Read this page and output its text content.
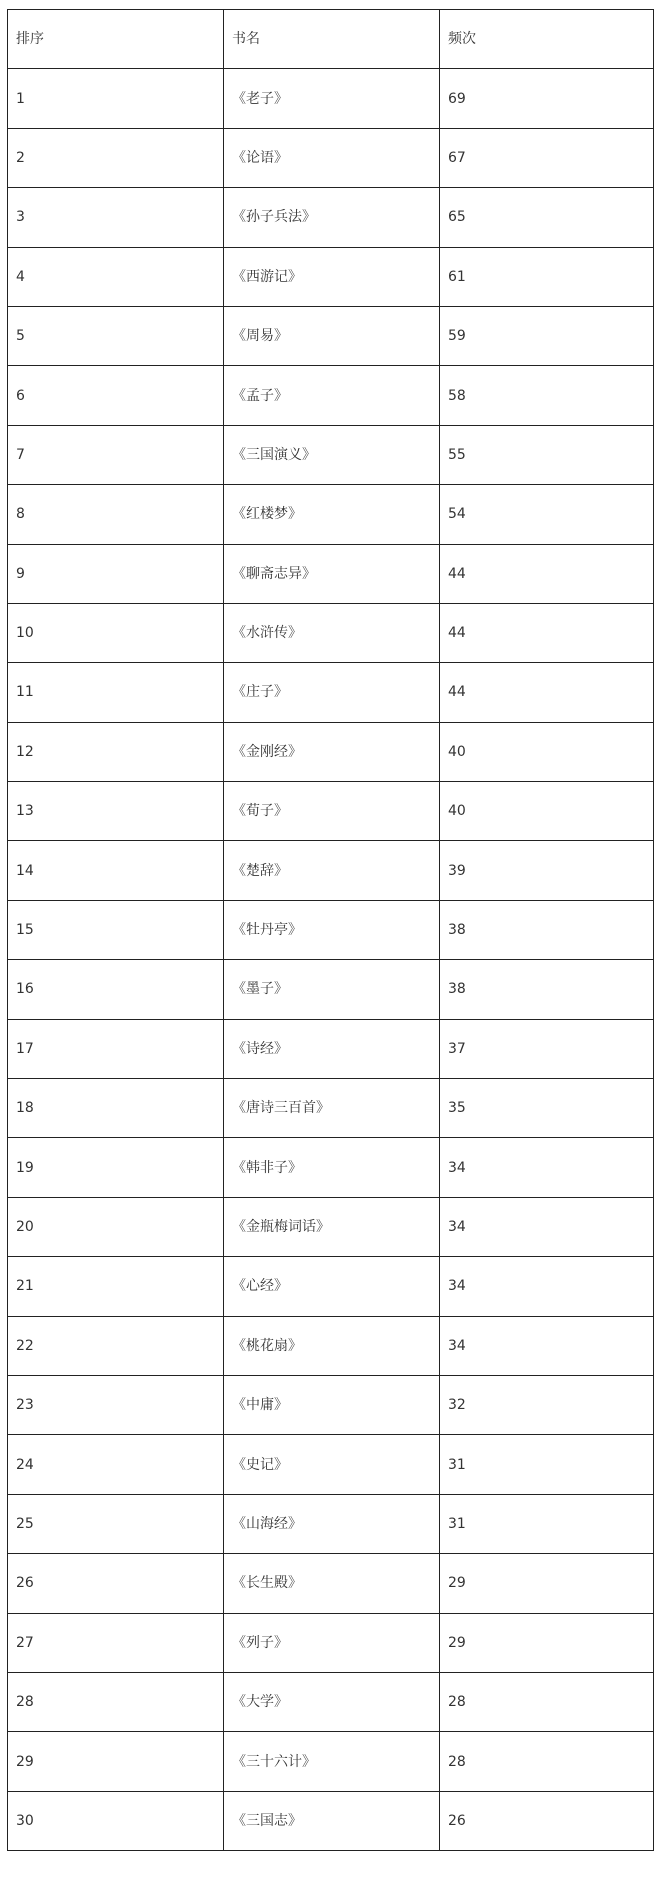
排序	书名	频次
1	《老子》	69
2	《论语》	67
3	《孙子兵法》	65
4	《西游记》	61
5	《周易》	59
6	《孟子》	58
7	《三国演义》	55
8	《红楼梦》	54
9	《聊斋志异》	44
10	《水浒传》	44
11	《庄子》	44
12	《金刚经》	40
13	《荀子》	40
14	《楚辞》	39
15	《牡丹亭》	38
16	《墨子》	38
17	《诗经》	37
18	《唐诗三百首》	35
19	《韩非子》	34
20	《金瓶梅词话》	34
21	《心经》	34
22	《桃花扇》	34
23	《中庸》	32
24	《史记》	31
25	《山海经》	31
26	《长生殿》	29
27	《列子》	29
28	《大学》	28
29	《三十六计》	28
30	《三国志》	26
